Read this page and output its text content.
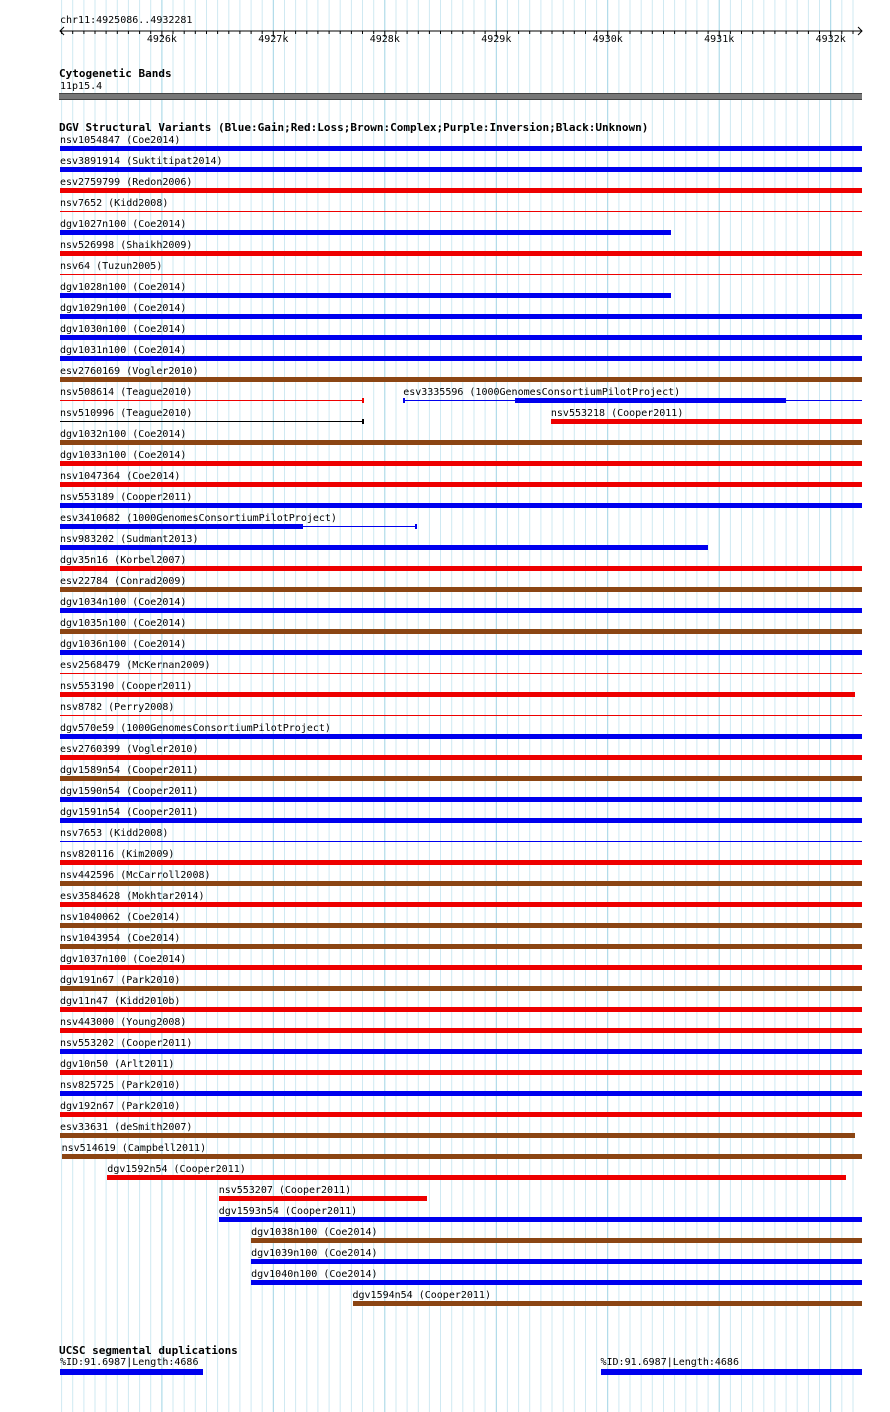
chr11:4925086..4932281
4926k	4927k	4928k	4929k	4930k	4931k	4932k
Cytogenetic Bands
11p15.4
DGV Structural Variants (Blue:Gain;Red:Loss;Brown:Complex;Purple:Inversion;Black:Unknown)
nsv1054847 (Coe2014)
esv3891914 (Suktitipat2014)
esv2759799 (Redon2006)
nsv7652 (Kidd2008)
dgv1027n100 (Coe2014)
nsv526998 (Shaikh2009)
nsv64 (Tuzun2005)
dgv1028n100 (Coe2014)
dgv1029n100 (Coe2014)
dgv1030n100 (Coe2014)
dgv1031n100 (Coe2014)
esv2760169 (Vogler2010)
nsv508614 (Teague2010)	esv3335596 (1000GenomesConsortiumPilotProject)
nsv510996 (Teague2010)	nsv553218 (Cooper2011)
dgv1032n100 (Coe2014)
dgv1033n100 (Coe2014)
nsv1047364 (Coe2014)
nsv553189 (Cooper2011)
esv3410682 (1000GenomesConsortiumPilotProject)
nsv983202 (Sudmant2013)
dgv35n16 (Korbel2007)
esv22784 (Conrad2009)
dgv1034n100 (Coe2014)
dgv1035n100 (Coe2014)
dgv1036n100 (Coe2014)
esv2568479 (McKernan2009)
nsv553190 (Cooper2011)
nsv8782 (Perry2008)
dgv570e59 (1000GenomesConsortiumPilotProject)
esv2760399 (Vogler2010)
dgv1589n54 (Cooper2011)
dgv1590n54 (Cooper2011)
dgv1591n54 (Cooper2011)
nsv7653 (Kidd2008)
nsv820116 (Kim2009)
nsv442596 (McCarroll2008)
esv3584628 (Mokhtar2014)
nsv1040062 (Coe2014)
nsv1043954 (Coe2014)
dgv1037n100 (Coe2014)
dgv191n67 (Park2010)
dgv11n47 (Kidd2010b)
nsv443000 (Young2008)
nsv553202 (Cooper2011)
dgv10n50 (Arlt2011)
nsv825725 (Park2010)
dgv192n67 (Park2010)
esv33631 (deSmith2007)
nsv514619 (Campbell2011)
dgv1592n54 (Cooper2011)
nsv553207 (Cooper2011)
dgv1593n54 (Cooper2011)
dgv1038n100 (Coe2014)
dgv1039n100 (Coe2014)
dgv1040n100 (Coe2014)
dgv1594n54 (Cooper2011)
UCSC segmental duplications
%ID:91.6987|Length:4686	%ID:91.6987|Length:4686
